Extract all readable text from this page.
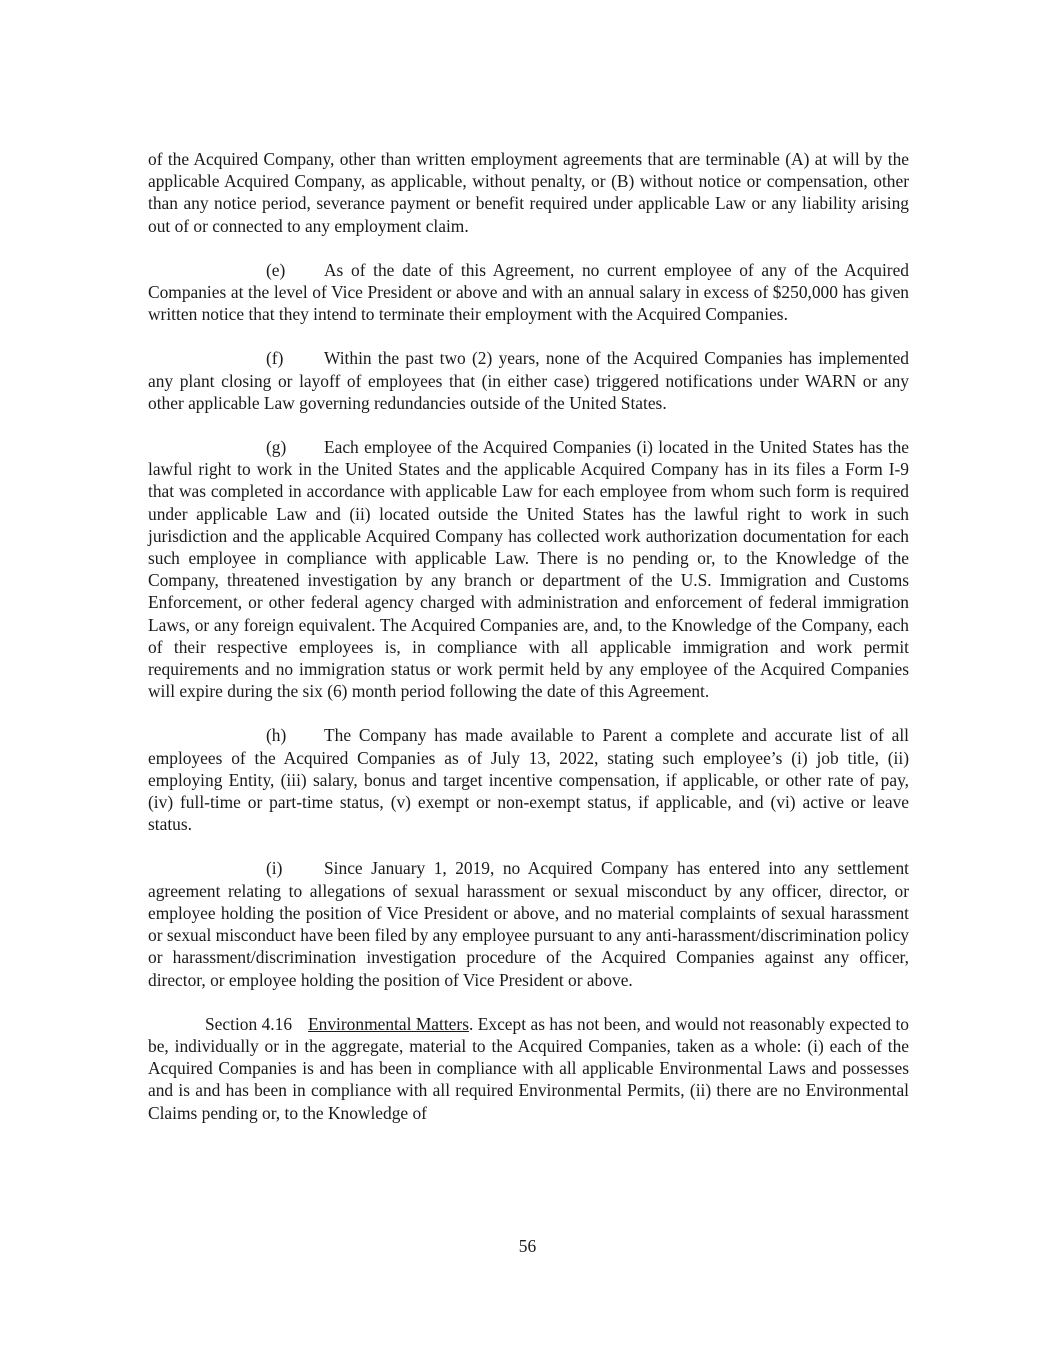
of the Acquired Company, other than written employment agreements that are terminable (A) at will by the applicable Acquired Company, as applicable, without penalty, or (B) without notice or compensation, other than any notice period, severance payment or benefit required under applicable Law or any liability arising out of or connected to any employment claim.

(e) As of the date of this Agreement, no current employee of any of the Acquired Companies at the level of Vice President or above and with an annual salary in excess of $250,000 has given written notice that they intend to terminate their employment with the Acquired Companies.

(f) Within the past two (2) years, none of the Acquired Companies has implemented any plant closing or layoff of employees that (in either case) triggered notifications under WARN or any other applicable Law governing redundancies outside of the United States.

(g) Each employee of the Acquired Companies (i) located in the United States has the lawful right to work in the United States and the applicable Acquired Company has in its files a Form I-9 that was completed in accordance with applicable Law for each employee from whom such form is required under applicable Law and (ii) located outside the United States has the lawful right to work in such jurisdiction and the applicable Acquired Company has collected work authorization documentation for each such employee in compliance with applicable Law. There is no pending or, to the Knowledge of the Company, threatened investigation by any branch or department of the U.S. Immigration and Customs Enforcement, or other federal agency charged with administration and enforcement of federal immigration Laws, or any foreign equivalent. The Acquired Companies are, and, to the Knowledge of the Company, each of their respective employees is, in compliance with all applicable immigration and work permit requirements and no immigration status or work permit held by any employee of the Acquired Companies will expire during the six (6) month period following the date of this Agreement.

(h) The Company has made available to Parent a complete and accurate list of all employees of the Acquired Companies as of July 13, 2022, stating such employee’s (i) job title, (ii) employing Entity, (iii) salary, bonus and target incentive compensation, if applicable, or other rate of pay, (iv) full-time or part-time status, (v) exempt or non-exempt status, if applicable, and (vi) active or leave status.

(i) Since January 1, 2019, no Acquired Company has entered into any settlement agreement relating to allegations of sexual harassment or sexual misconduct by any officer, director, or employee holding the position of Vice President or above, and no material complaints of sexual harassment or sexual misconduct have been filed by any employee pursuant to any anti-harassment/discrimination policy or harassment/discrimination investigation procedure of the Acquired Companies against any officer, director, or employee holding the position of Vice President or above.

Section 4.16 Environmental Matters. Except as has not been, and would not reasonably expected to be, individually or in the aggregate, material to the Acquired Companies, taken as a whole: (i) each of the Acquired Companies is and has been in compliance with all applicable Environmental Laws and possesses and is and has been in compliance with all required Environmental Permits, (ii) there are no Environmental Claims pending or, to the Knowledge of

56
